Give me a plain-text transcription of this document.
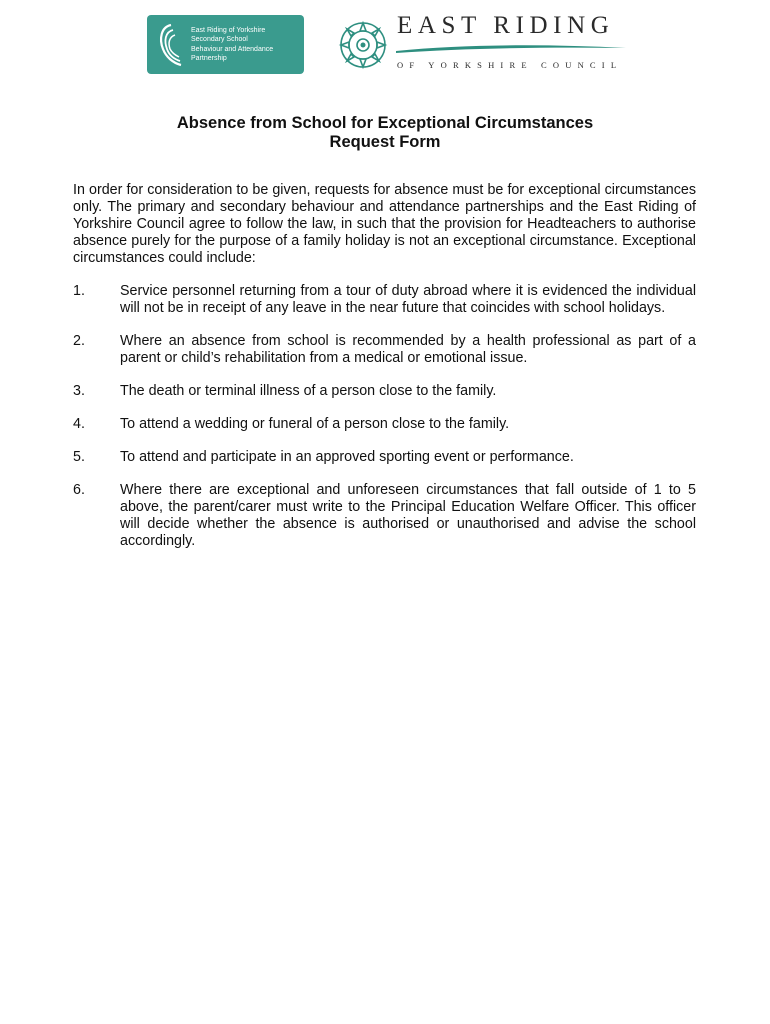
East Riding of Yorkshire
Secondary School
Behaviour and Attendance
Partnership
EAST RIDING
OF YORKSHIRE COUNCIL
Absence from School for Exceptional Circumstances
Request Form

In order for consideration to be given, requests for absence must be for exceptional circumstances only. The primary and secondary behaviour and attendance partnerships and the East Riding of Yorkshire Council agree to follow the law, in such that the provision for Headteachers to authorise absence purely for the purpose of a family holiday is not an exceptional circumstance. Exceptional circumstances could include:

1. Service personnel returning from a tour of duty abroad where it is evidenced the individual will not be in receipt of any leave in the near future that coincides with school holidays.
2. Where an absence from school is recommended by a health professional as part of a parent or child’s rehabilitation from a medical or emotional issue.
3. The death or terminal illness of a person close to the family.
4. To attend a wedding or funeral of a person close to the family.
5. To attend and participate in an approved sporting event or performance.
6. Where there are exceptional and unforeseen circumstances that fall outside of 1 to 5 above, the parent/carer must write to the Principal Education Welfare Officer. This officer will decide whether the absence is authorised or unauthorised and advise the school accordingly.
